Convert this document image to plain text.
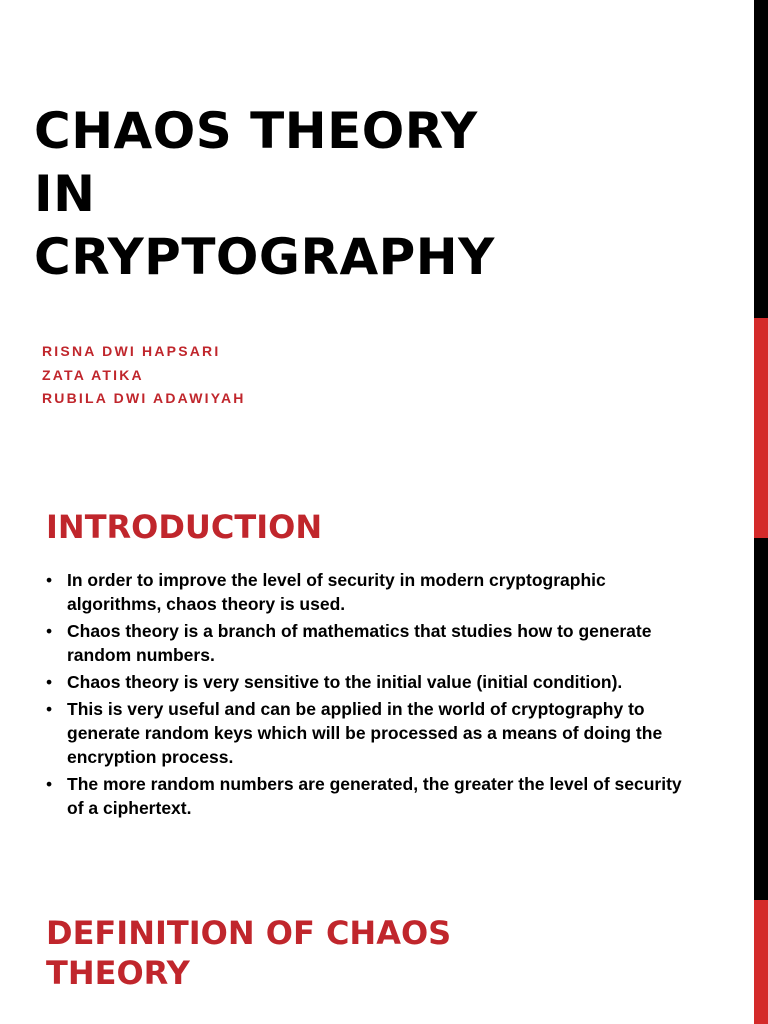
CHAOS THEORY
IN
CRYPTOGRAPHY
RISNA DWI HAPSARI
ZATA ATIKA
RUBILA DWI ADAWIYAH
INTRODUCTION
• In order to improve the level of security in modern cryptographic algorithms, chaos theory is used.
• Chaos theory is a branch of mathematics that studies how to generate random numbers.
• Chaos theory is very sensitive to the initial value (initial condition).
• This is very useful and can be applied in the world of cryptography to generate random keys which will be processed as a means of doing the encryption process.
• The more random numbers are generated, the greater the level of security of a ciphertext.
DEFINITION OF CHAOS
THEORY
